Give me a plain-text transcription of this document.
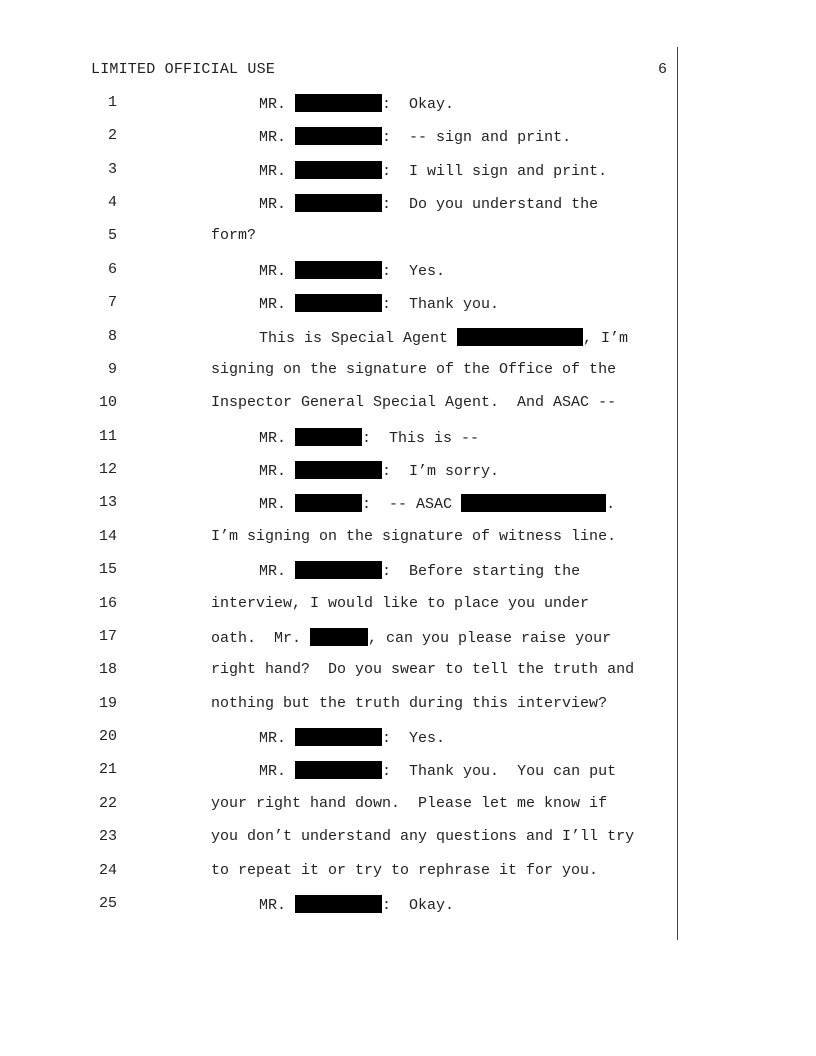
LIMITED OFFICIAL USE	6
1	MR.	:  Okay.
2	MR.	:  -- sign and print.
3	MR.	:  I will sign and print.
4	MR.	:  Do you understand the
5	form?
6	MR.	:  Yes.
7	MR.	:  Thank you.
8	This is Special Agent	, I’m
9	signing on the signature of the Office of the
10	Inspector General Special Agent.  And ASAC --
11	MR.	:  This is --
12	MR.	:  I’m sorry.
13	MR.	:  -- ASAC	.
14	I’m signing on the signature of witness line.
15	MR.	:  Before starting the
16	interview, I would like to place you under
17	oath.  Mr.	, can you please raise your
18	right hand?  Do you swear to tell the truth and
19	nothing but the truth during this interview?
20	MR.	:  Yes.
21	MR.	:  Thank you.  You can put
22	your right hand down.  Please let me know if
23	you don’t understand any questions and I’ll try
24	to repeat it or try to rephrase it for you.
25	MR.	:  Okay.
